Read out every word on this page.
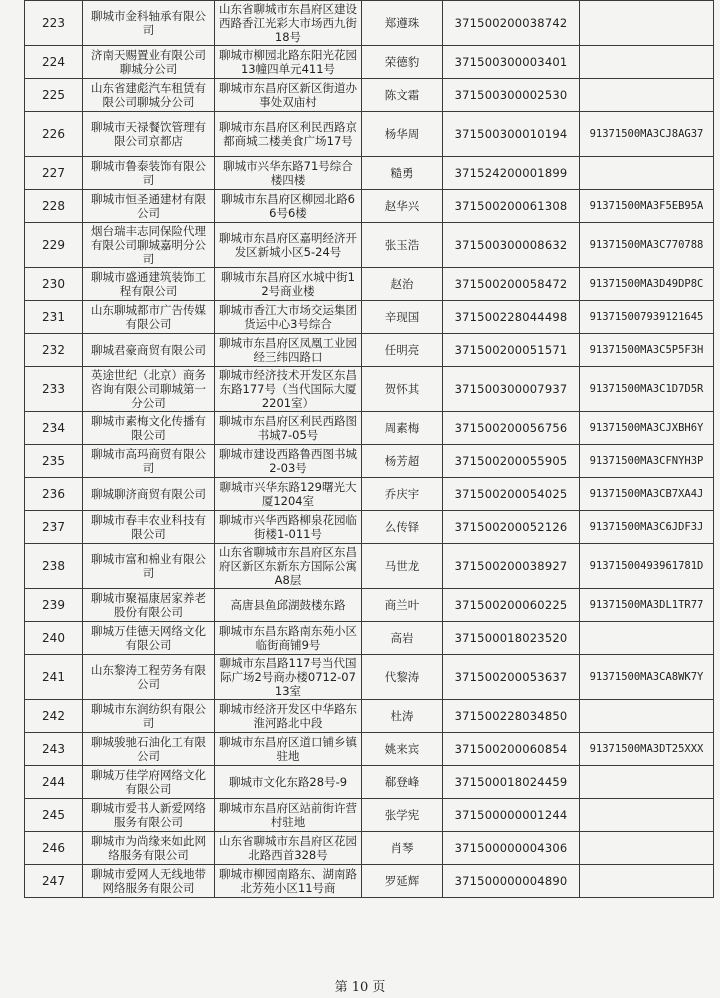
223	聊城市金科轴承有限公司	山东省聊城市东昌府区建设西路香江光彩大市场西九街18号	郑遵珠	371500200038742	
224	济南天赐置业有限公司聊城分公司	聊城市柳园北路东阳光花园13幢四单元411号	荣德豹	371500300003401	
225	山东省建彪汽车租赁有限公司聊城分公司	聊城市东昌府区新区街道办事处双庙村	陈文霜	371500300002530	
226	聊城市天禄餐饮管理有限公司京都店	聊城市东昌府区利民西路京都商城二楼美食广场17号	杨华周	371500300010194	91371500MA3CJ8AG37
227	聊城市鲁泰装饰有限公司	聊城市兴华东路71号综合楼四楼	糙勇	371524200001899	
228	聊城市恒圣通建材有限公司	聊城市东昌府区柳园北路66号6楼	赵华兴	371500200061308	91371500MA3F5EB95A
229	烟台瑞丰志同保险代理有限公司聊城嘉明分公司	聊城市东昌府区嘉明经济开发区新城小区5-24号	张玉浩	371500300008632	91371500MA3C770788
230	聊城市盛通建筑装饰工程有限公司	聊城市东昌府区水城中街12号商业楼	赵治	371500200058472	91371500MA3D49DP8C
231	山东聊城都市广告传媒有限公司	聊城市香江大市场交运集团货运中心3号综合	辛现国	371500228044498	91371500793912164​5
232	聊城君豪商贸有限公司	聊城市东昌府区凤凰工业园经三纬四路口	任明亮	371500200051571	91371500MA3C5P5F3H
233	英途世纪（北京）商务咨询有限公司聊城第一分公司	聊城市经济技术开发区东昌东路177号（当代国际大厦2201室）	贺怀其	371500300007937	91371500MA3C1D7D5R
234	聊城市素梅文化传播有限公司	聊城市东昌府区利民西路图书城7-05号	周素梅	371500200056756	91371500MA3CJXBH6Y
235	聊城市高玛商贸有限公司	聊城市建设西路鲁西图书城2-03号	杨芳超	371500200055905	91371500MA3CFNYH3P
236	聊城聊济商贸有限公司	聊城市兴华东路129曙光大厦1204室	乔庆宇	371500200054025	91371500MA3CB7XA4J
237	聊城市春丰农业科技有限公司	聊城市兴华西路柳泉花园临街楼1-011号	么传铎	371500200052126	91371500MA3C6JDF3J
238	聊城市富和棉业有限公司	山东省聊城市东昌府区东昌府区新区东新东方国际公寓A8层	马世龙	371500200038927	9137150049396178​1D
239	聊城市聚福康居家养老股份有限公司	高唐县鱼邱湖鼓楼东路	商兰叶	371500200060225	91371500MA3DL1TR77
240	聊城万佳德天网络文化有限公司	聊城市东昌东路南东苑小区临街商铺9号	高岩	371500018023520	
241	山东黎涛工程劳务有限公司	聊城市东昌路117号当代国际广场2号商办楼0712-0713室	代黎涛	371500200053637	91371500MA3CA8WK7Y
242	聊城市东润纺织有限公司	聊城市经济开发区中华路东淮河路北中段	杜涛	371500228034850	
243	聊城骏驰石油化工有限公司	聊城市东昌府区道口铺乡镇驻地	姚来宾	371500200060854	91371500MA3DT25XXX
244	聊城万佳学府网络文化有限公司	聊城市文化东路28号-9	郗登峰	371500018024459	
245	聊城市爱书人新爱网络服务有限公司	聊城市东昌府区站前街许营村驻地	张学宪	371500000001244	
246	聊城市为尚缘来如此网络服务有限公司	山东省聊城市东昌府区花园北路西首328号	肖琴	371500000004306	
247	聊城市爱网人无线地带网络服务有限公司	聊城市柳园南路东、湖南路北芳苑小区11号商	罗延辉	371500000004890	
第 10 页
